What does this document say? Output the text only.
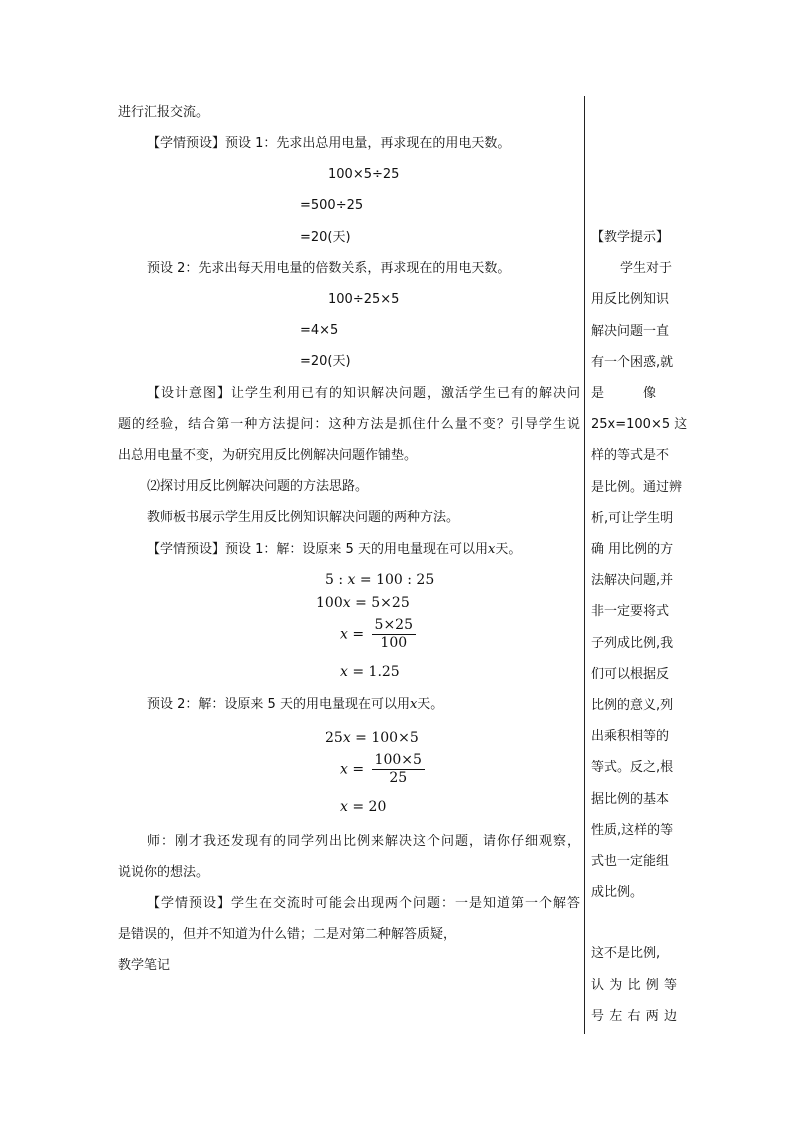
进行汇报交流。
【学情预设】预设 1：先求出总用电量，再求现在的用电天数。
100×5÷25
=500÷25
=20(天)
预设 2：先求出每天用电量的倍数关系，再求现在的用电天数。
100÷25×5
=4×5
=20(天)
【设计意图】让学生利用已有的知识解决问题，激活学生已有的解决问
题的经验，结合第一种方法提问：这种方法是抓住什么量不变？引导学生说
出总用电量不变，为研究用反比例解决问题作铺垫。
⑵探讨用反比例解决问题的方法思路。
教师板书展示学生用反比例知识解决问题的两种方法。
【学情预设】预设 1：解：设原来 5 天的用电量现在可以用x天。
5 : x = 100 : 25
100x = 5×25
$x = \frac{5\times 25}{100}$
x = 1.25
预设 2：解：设原来 5 天的用电量现在可以用x天。
25x = 100×5
$x = \frac{100\times 5}{25}$
x = 20
师：刚才我还发现有的同学列出比例来解决这个问题，请你仔细观察，
说说你的想法。
【学情预设】学生在交流时可能会出现两个问题：一是知道第一个解答
是错误的，但并不知道为什么错；二是对第二种解答质疑，
教学笔记
【教学提示】
学生对于
用反比例知识
解决问题一直
有一个困惑,就
是　　　像
25x=100×5 这
样的等式是不
是比例。通过辨
析,可让学生明
确 用比例的方
法解决问题,并
非一定要将式
子列成比例,我
们可以根据反
比例的意义,列
出乘积相等的
等式。反之,根
据比例的基本
性质,这样的等
式也一定能组
成比例。
这不是比例,
认为比例等
号左右两边
